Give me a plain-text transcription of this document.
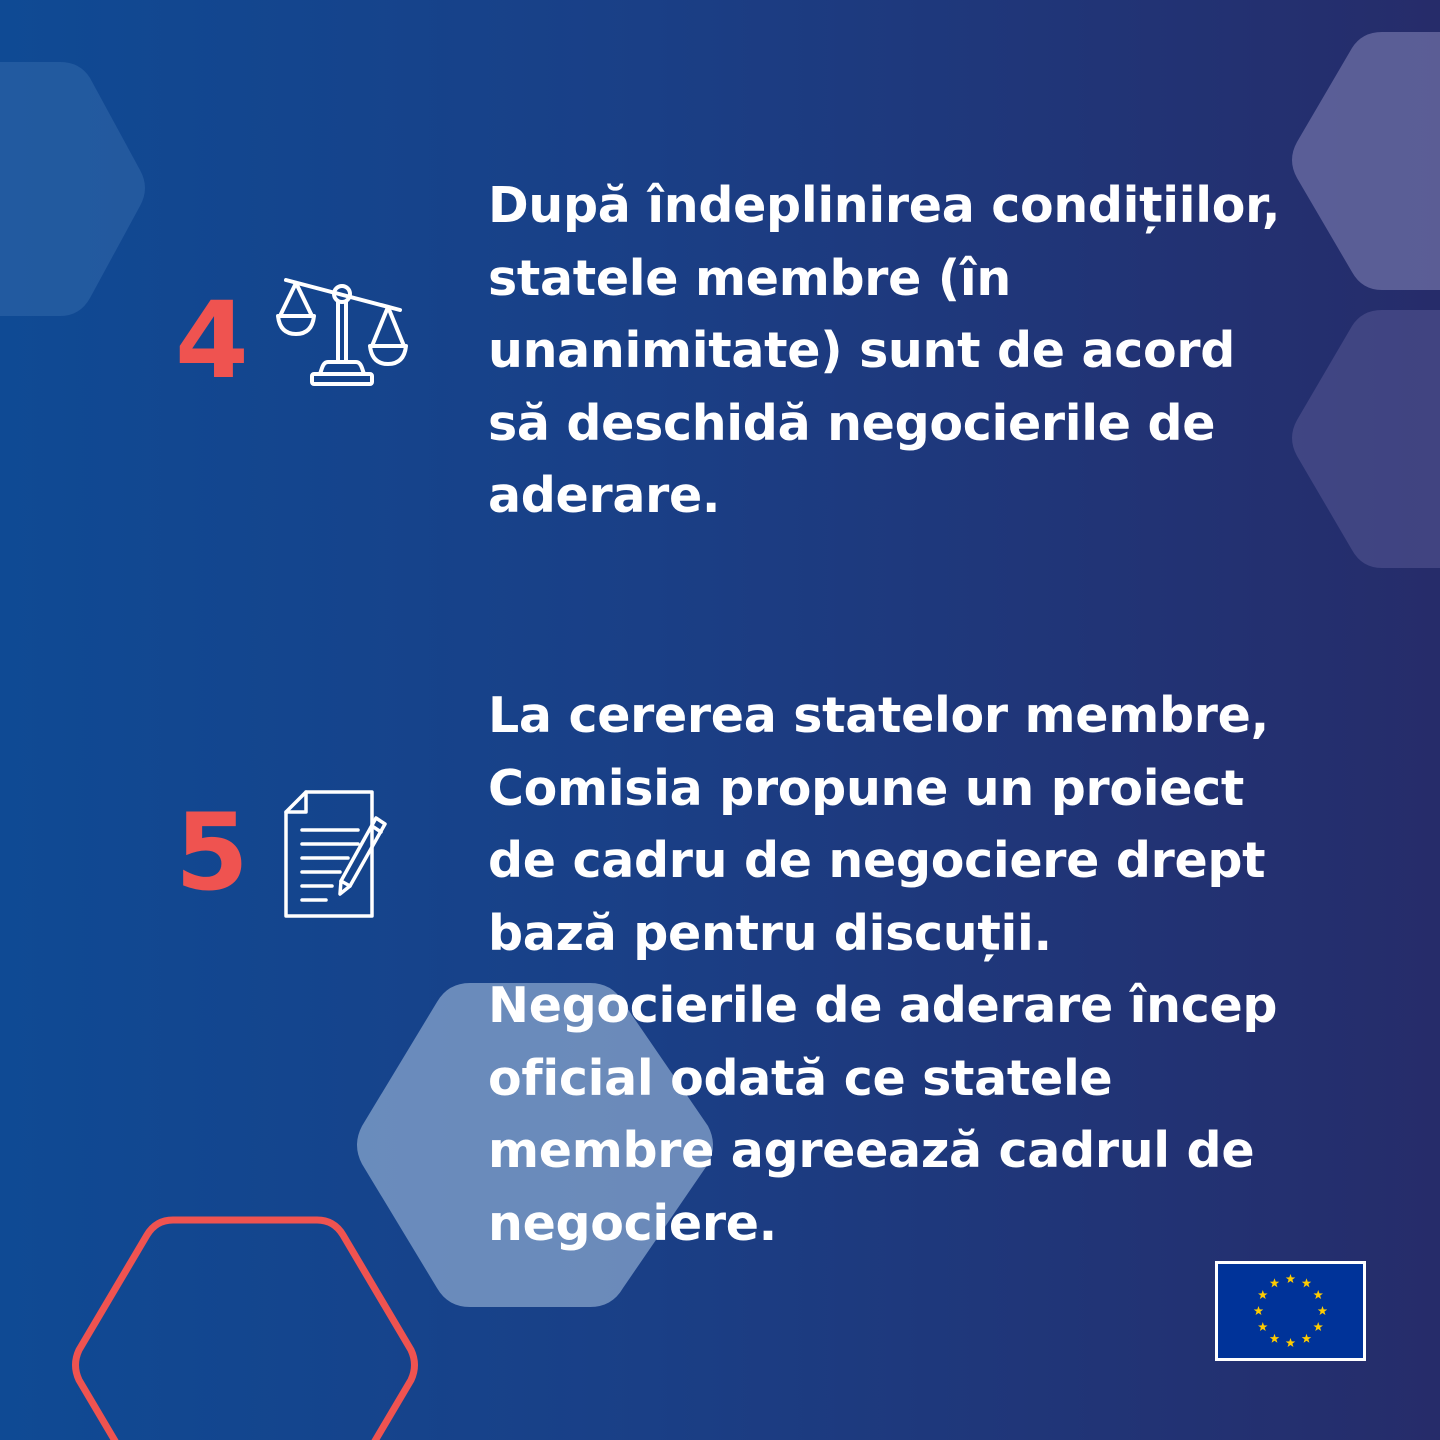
4

După îndeplinirea condițiilor,
statele membre (în
unanimitate) sunt de acord
să deschidă negocierile de
aderare.

5

La cererea statelor membre,
Comisia propune un proiect
de cadru de negociere drept
bază pentru discuții.
Negocierile de aderare încep
oficial odată ce statele
membre agreează cadrul de
negociere.
